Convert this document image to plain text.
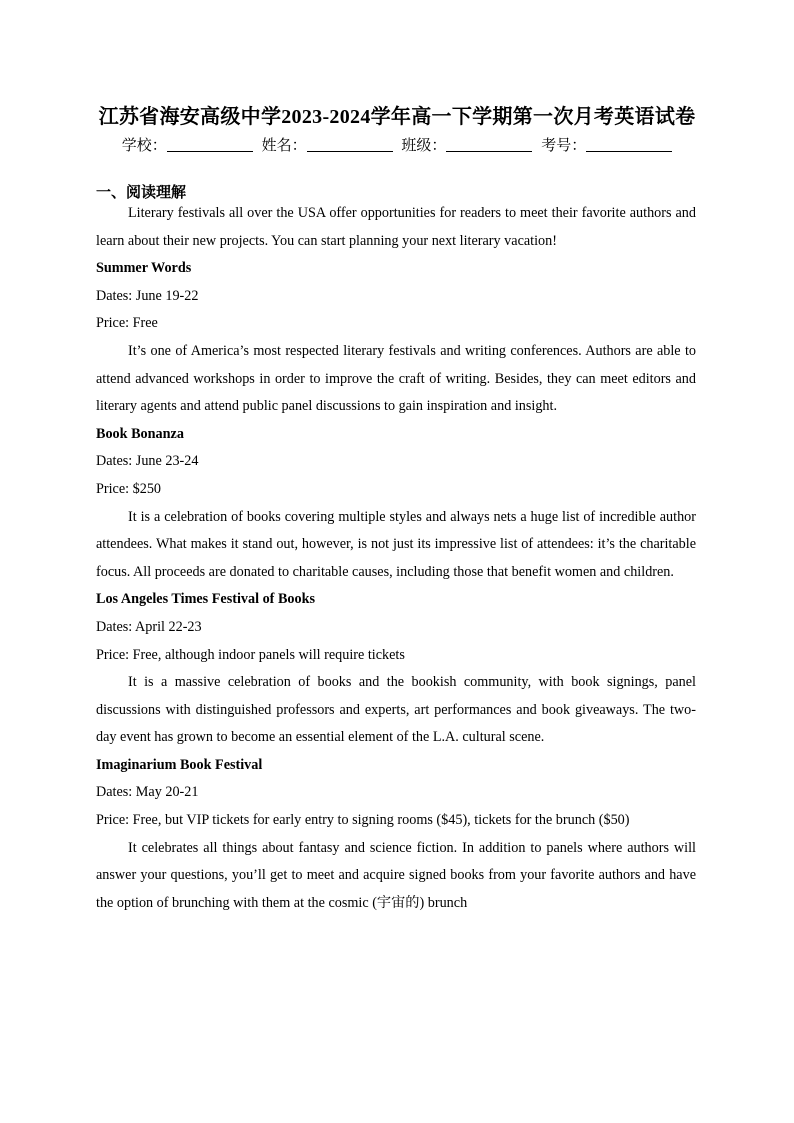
江苏省海安高级中学2023-2024学年高一下学期第一次月考英语试卷
学校：	姓名：	班级：	考号：
一、阅读理解

Literary festivals all over the USA offer opportunities for readers to meet their favorite authors and learn about their new projects. You can start planning your next literary vacation!

Summer Words

Dates: June 19-22

Price: Free

It’s one of America’s most respected literary festivals and writing conferences. Authors are able to attend advanced workshops in order to improve the craft of writing. Besides, they can meet editors and literary agents and attend public panel discussions to gain inspiration and insight.

Book Bonanza

Dates: June 23-24

Price: $250

It is a celebration of books covering multiple styles and always nets a huge list of incredible author attendees. What makes it stand out, however, is not just its impressive list of attendees: it’s the charitable focus. All proceeds are donated to charitable causes, including those that benefit women and children.

Los Angeles Times Festival of Books

Dates: April 22-23

Price: Free, although indoor panels will require tickets

It is a massive celebration of books and the bookish community, with book signings, panel discussions with distinguished professors and experts, art performances and book giveaways. The two-day event has grown to become an essential element of the L.A. cultural scene.

Imaginarium Book Festival

Dates: May 20-21

Price: Free, but VIP tickets for early entry to signing rooms ($45), tickets for the brunch ($50)

It celebrates all things about fantasy and science fiction. In addition to panels where authors will answer your questions, you’ll get to meet and acquire signed books from your favorite authors and have the option of brunching with them at the cosmic (宇宙的) brunch
